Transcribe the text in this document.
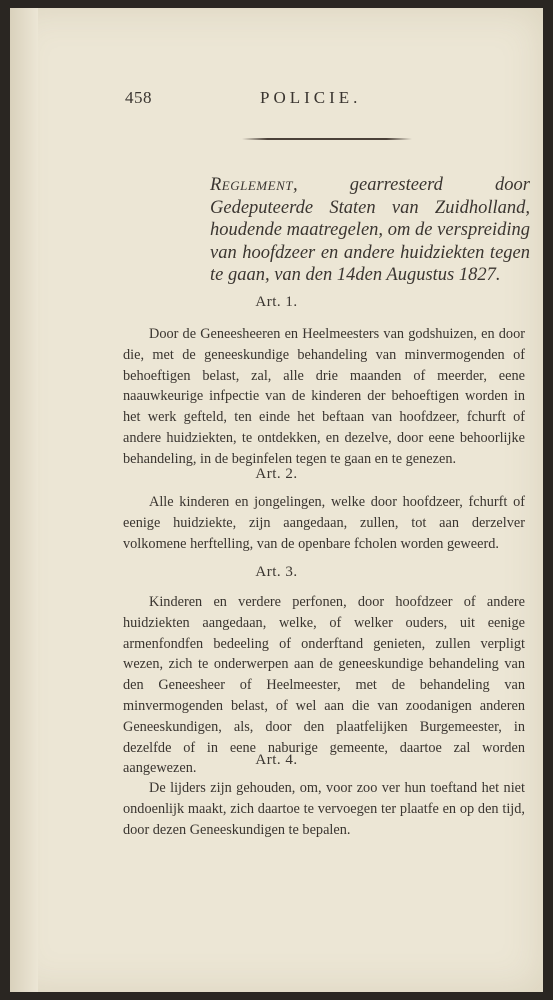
458	POLICIE.
Reglement, gearresteerd door Gedeputeerde Staten van Zuidholland, houdende maatregelen, om de verspreiding van hoofdzeer en andere huidziekten tegen te gaan, van den 14den Augustus 1827.
Art. 1.
Door de Geneesheeren en Heelmeesters van godshuizen, en door die, met de geneeskundige behandeling van minvermogenden of behoeftigen belast, zal, alle drie maanden of meerder, eene naauwkeurige infpectie van de kinderen der behoeftigen worden in het werk gefteld, ten einde het beftaan van hoofdzeer, fchurft of andere huidziekten, te ontdekken, en dezelve, door eene behoorlijke behandeling, in de beginfelen tegen te gaan en te genezen.
Art. 2.
Alle kinderen en jongelingen, welke door hoofdzeer, fchurft of eenige huidziekte, zijn aangedaan, zullen, tot aan derzelver volkomene herftelling, van de openbare fcholen worden geweerd.
Art. 3.
Kinderen en verdere perfonen, door hoofdzeer of andere huidziekten aangedaan, welke, of welker ouders, uit eenige armenfondfen bedeeling of onderftand genieten, zullen verpligt wezen, zich te onderwerpen aan de geneeskundige behandeling van den Geneesheer of Heelmeester, met de behandeling van minvermogenden belast, of wel aan die van zoodanigen anderen Geneeskundigen, als, door den plaatfelijken Burgemeester, in dezelfde of in eene naburige gemeente, daartoe zal worden aangewezen.
Art. 4.
De lijders zijn gehouden, om, voor zoo ver hun toeftand het niet ondoenlijk maakt, zich daartoe te vervoegen ter plaatfe en op den tijd, door dezen Geneeskundigen te bepalen.
